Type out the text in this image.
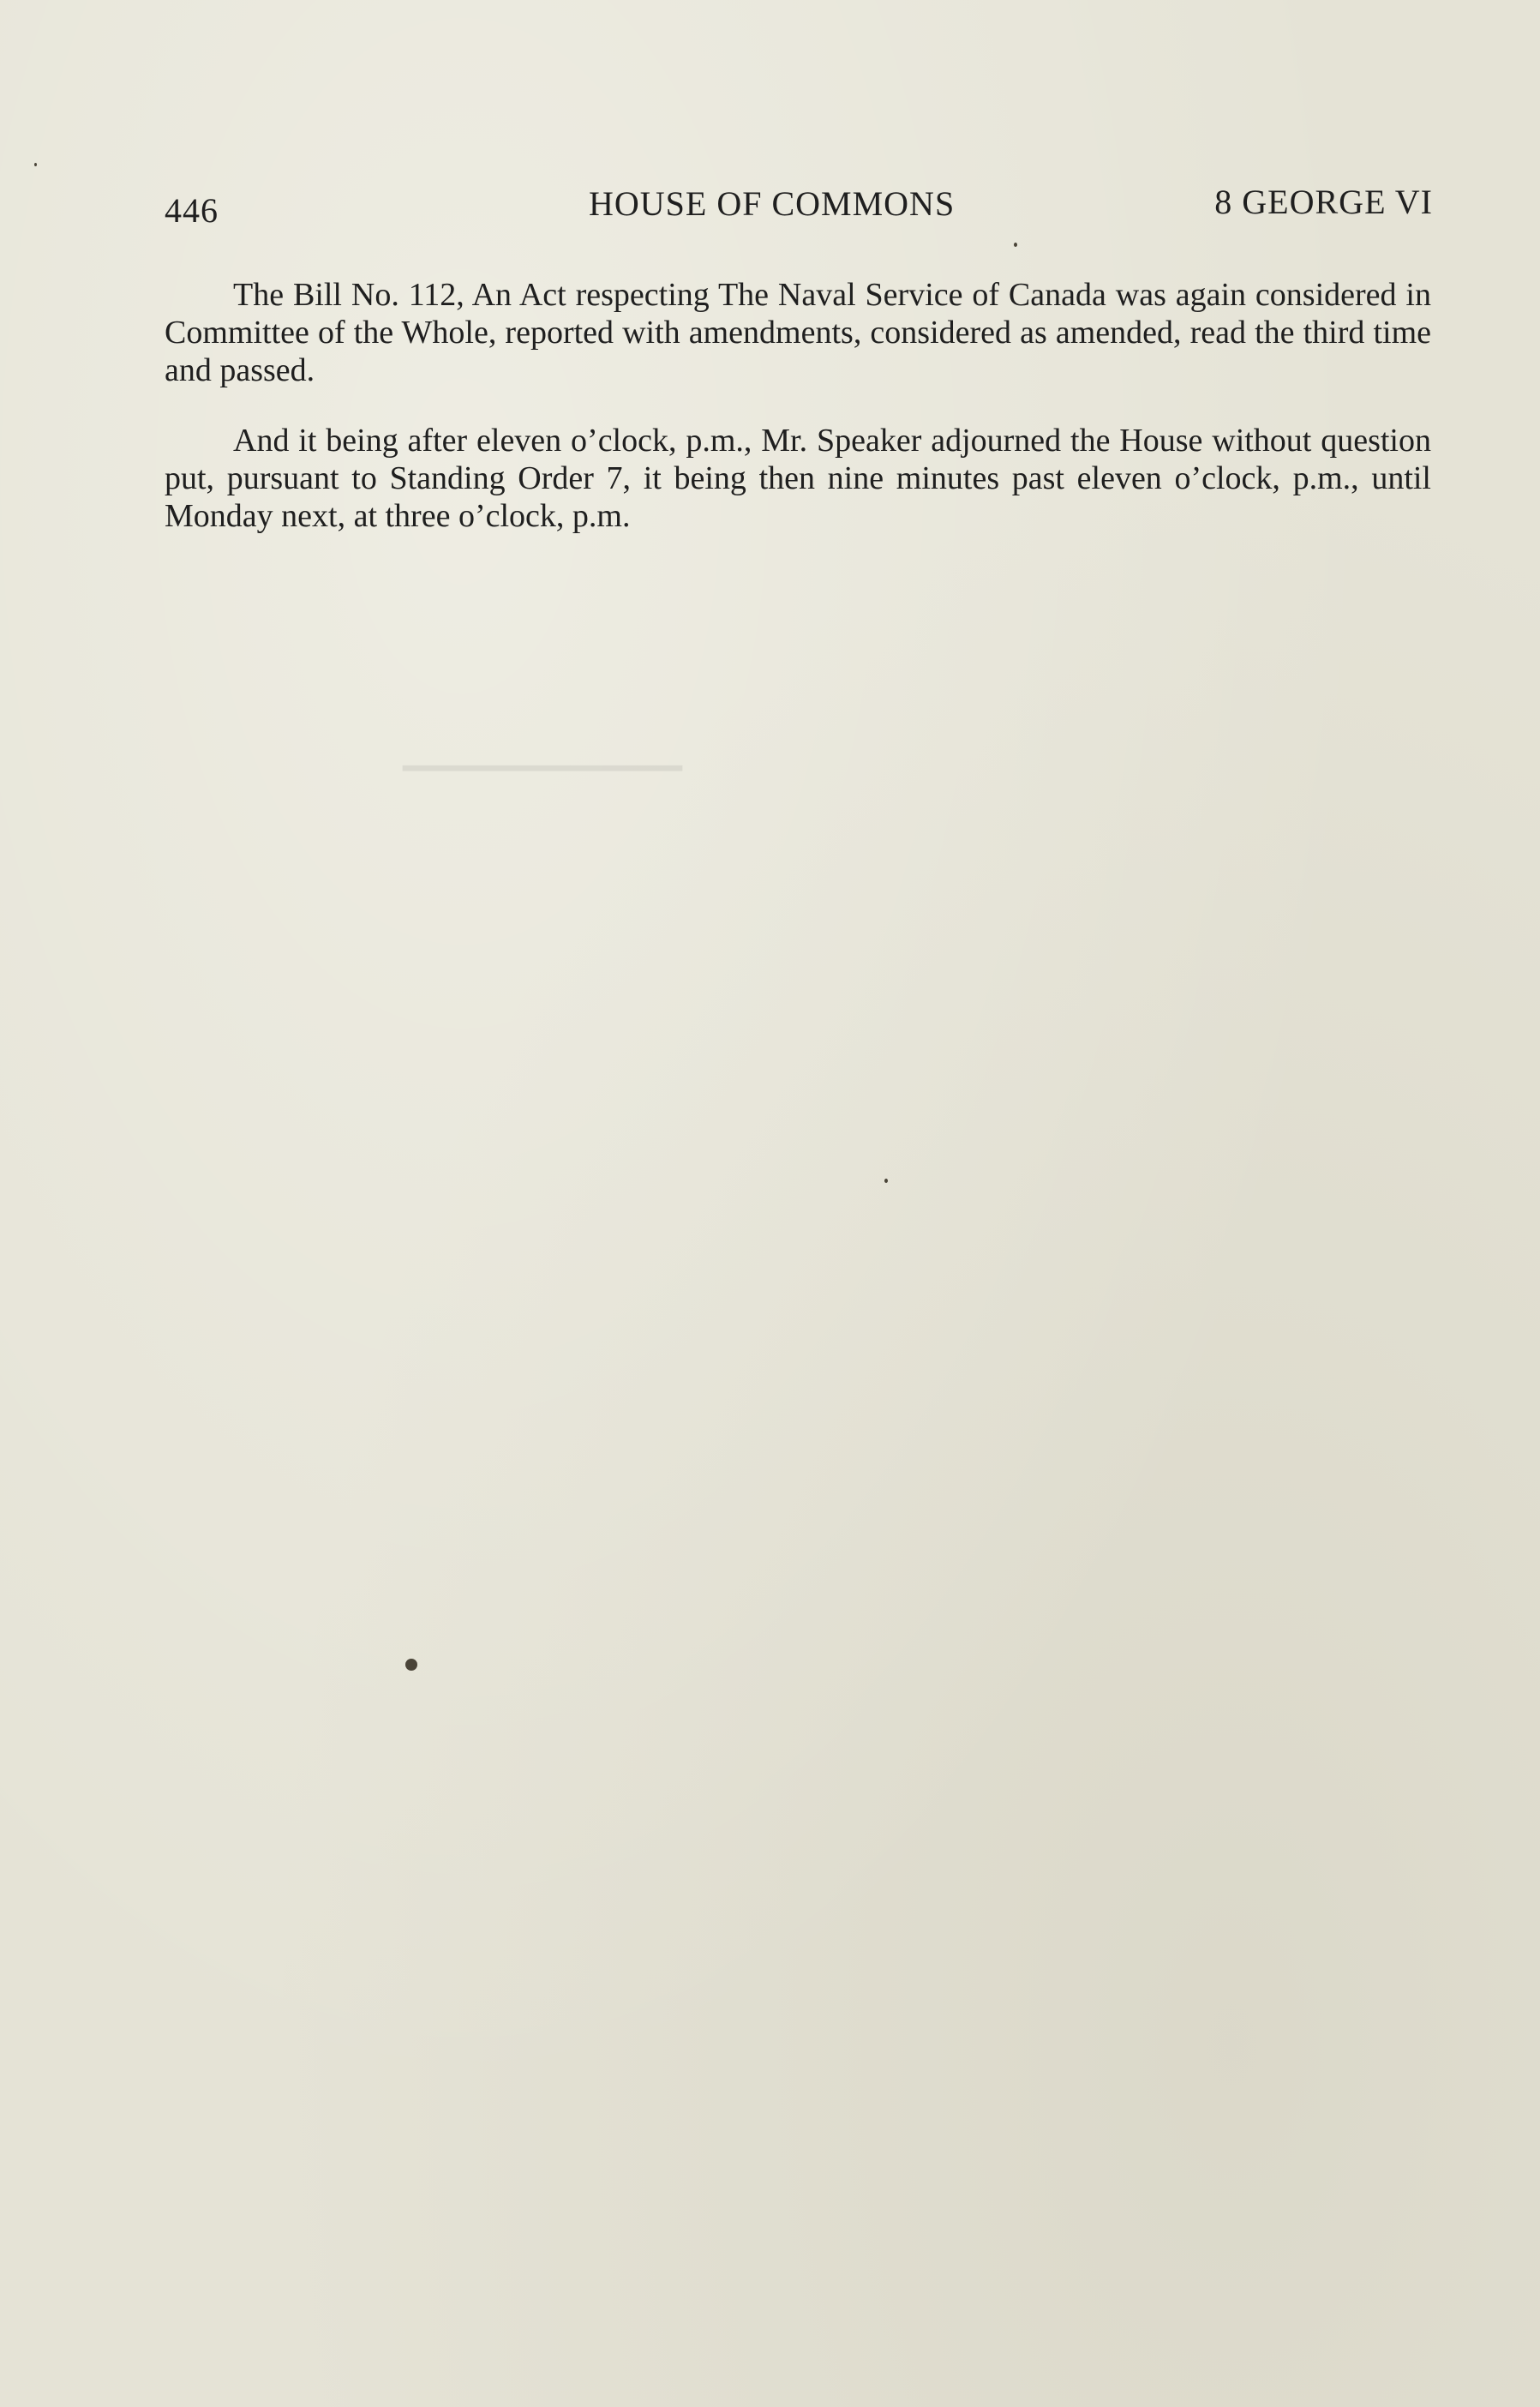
─────
446	HOUSE OF COMMONS	8 GEORGE VI

The Bill No. 112, An Act respecting The Naval Service of Canada was again considered in Committee of the Whole, reported with amendments, considered as amended, read the third time and passed.

And it being after eleven o’clock, p.m., Mr. Speaker adjourned the House without question put, pursuant to Standing Order 7, it being then nine minutes past eleven o’clock, p.m., until Monday next, at three o’clock, p.m.
